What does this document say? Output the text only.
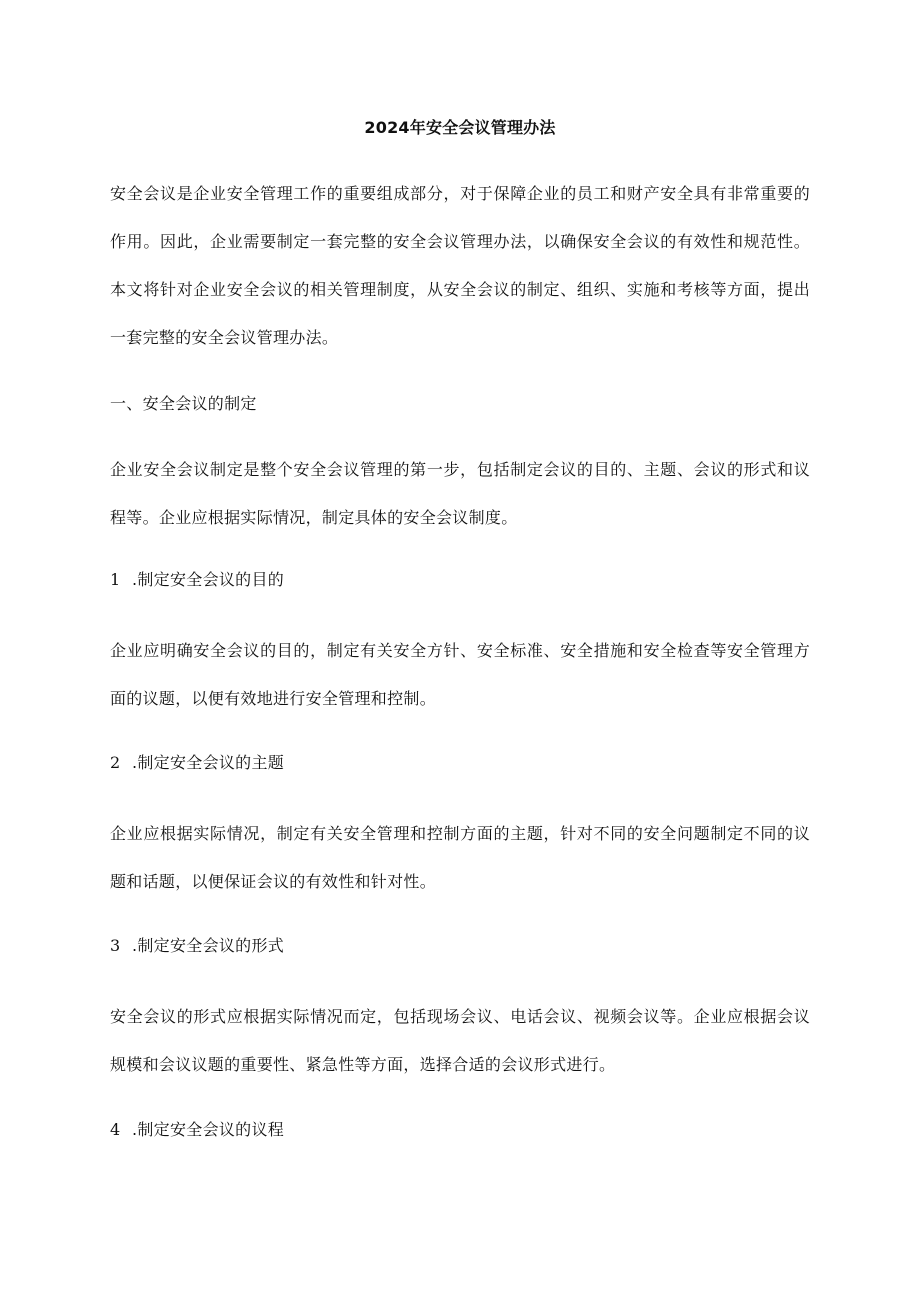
2024年安全会议管理办法

安全会议是企业安全管理工作的重要组成部分，对于保障企业的员工和财产安全具有非常重要的作用。因此，企业需要制定一套完整的安全会议管理办法，以确保安全会议的有效性和规范性。本文将针对企业安全会议的相关管理制度，从安全会议的制定、组织、实施和考核等方面，提出一套完整的安全会议管理办法。

一、安全会议的制定

企业安全会议制定是整个安全会议管理的第一步，包括制定会议的目的、主题、会议的形式和议程等。企业应根据实际情况，制定具体的安全会议制度。

1 .制定安全会议的目的

企业应明确安全会议的目的，制定有关安全方针、安全标准、安全措施和安全检查等安全管理方面的议题，以便有效地进行安全管理和控制。

2 .制定安全会议的主题

企业应根据实际情况，制定有关安全管理和控制方面的主题，针对不同的安全问题制定不同的议题和话题，以便保证会议的有效性和针对性。

3 .制定安全会议的形式

安全会议的形式应根据实际情况而定，包括现场会议、电话会议、视频会议等。企业应根据会议规模和会议议题的重要性、紧急性等方面，选择合适的会议形式进行。

4 .制定安全会议的议程
